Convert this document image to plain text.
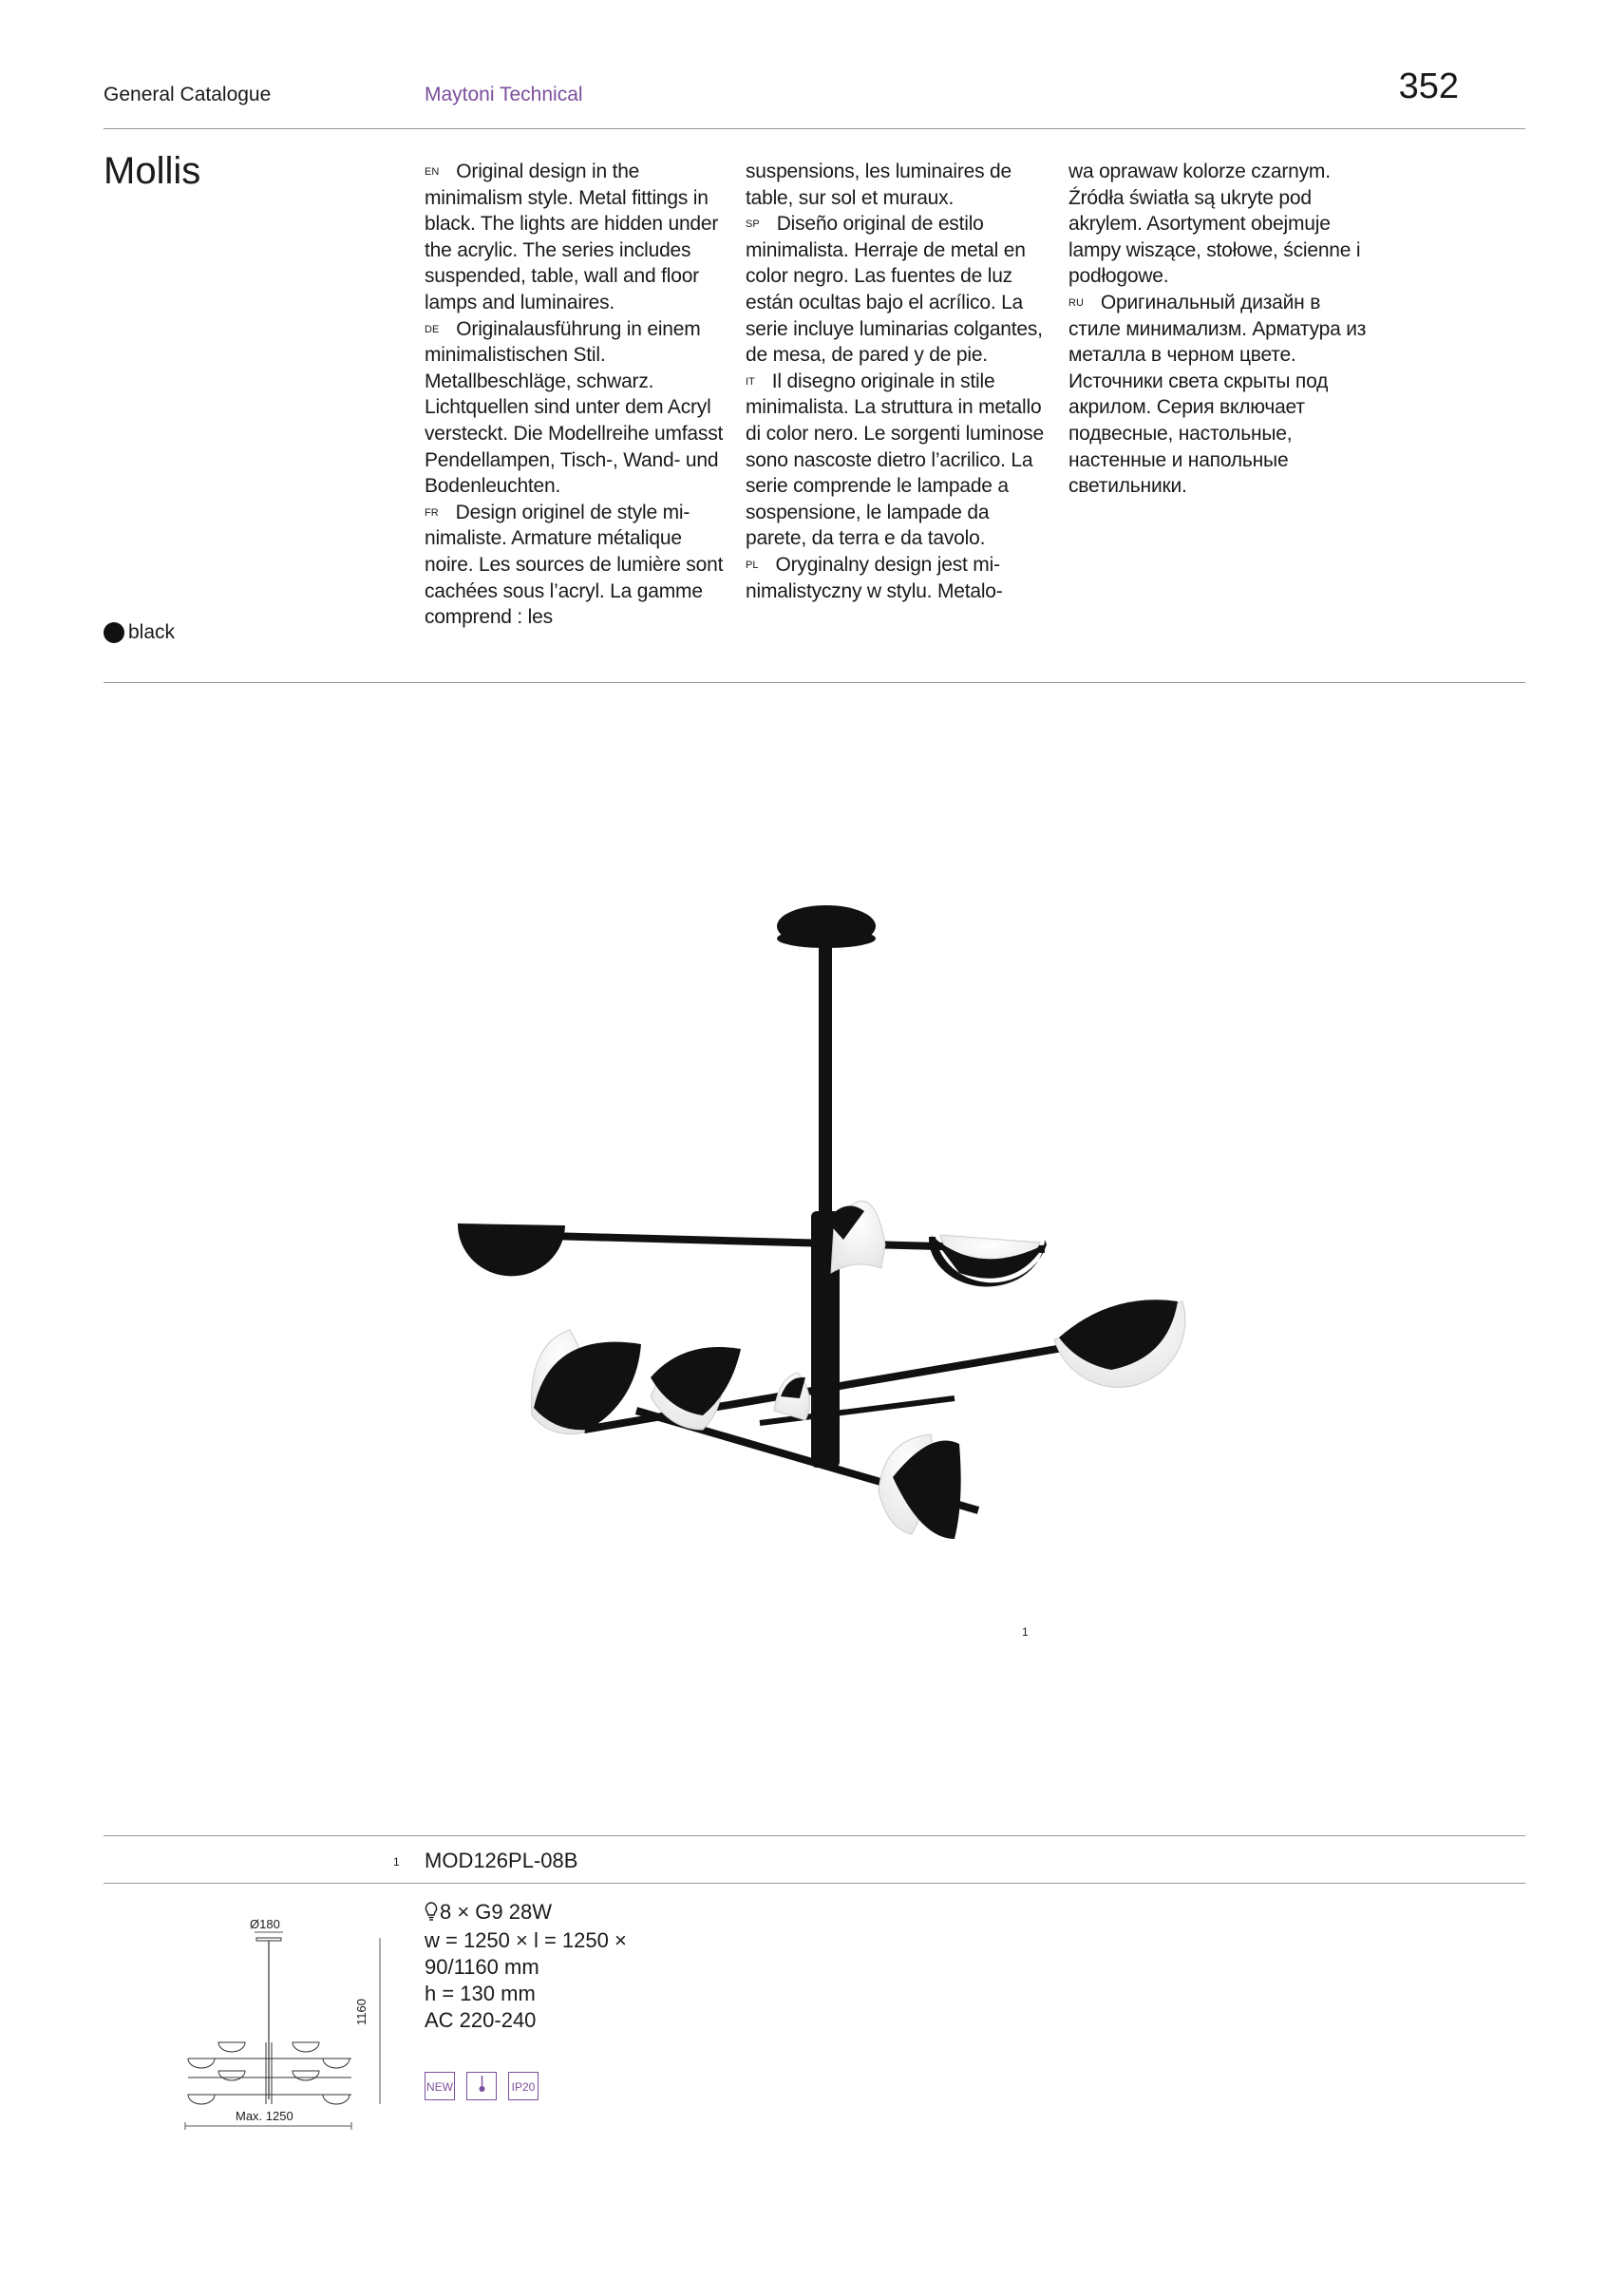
General Catalogue	Maytoni Technical	352
Mollis	$^{EN}$ Original design in the minimalism style. Metal fittings in black. The lights are hidden under the acrylic. The series includes suspended, table, wall and floor lamps and luminaires.

$^{DE}$ Originalausführung in einem minimalistischen Stil. Metallbeschläge, schwarz. Lichtquellen sind unter dem Acryl versteckt. Die Modellreihe umfasst Pendellampen, Tisch-, Wand- und Bodenleuchten.

$^{FR}$ Design originel de style minimaliste. Armature métalique noire. Les sources de lumière sont cachées sous l’acryl. La gamme comprend : les

suspensions, les luminaires de table, sur sol et muraux.

$^{SP}$ Diseño original de estilo minimalista. Herraje de metal en color negro. Las fuentes de luz están ocultas bajo el acrílico. La serie incluye luminarias colgantes, de mesa, de pared y de pie.

$^{IT}$ Il disegno originale in stile minimalista. La struttura in metallo di color nero. Le sorgenti luminose sono nascoste dietro l’acrilico. La serie comprende le lampade a sospensione, le lampade da parete, da terra e da tavolo.

$^{PL}$ Oryginalny design jest minimalistyczny w stylu. Metalo-

wa oprawaw kolorze czarnym. Źródła światła są ukryte pod akrylem. Asortyment obejmuje lampy wiszące, stołowe, ścienne i podłogowe.

$^{RU}$ Оригинальный дизайн в стиле минимализм. Арматура из металла в черном цвете. Источники света скрыты под акрилом. Серия включает подвесные, настольные, настенные и напольные светильники.

black
1
1 MOD126PL-08B
8 × G9 28W
w = 1250 × l = 1250 ×
90/1160 mm
h = 130 mm
AC 220-240
NEW	IP20
Ø180
1160
Max. 1250
